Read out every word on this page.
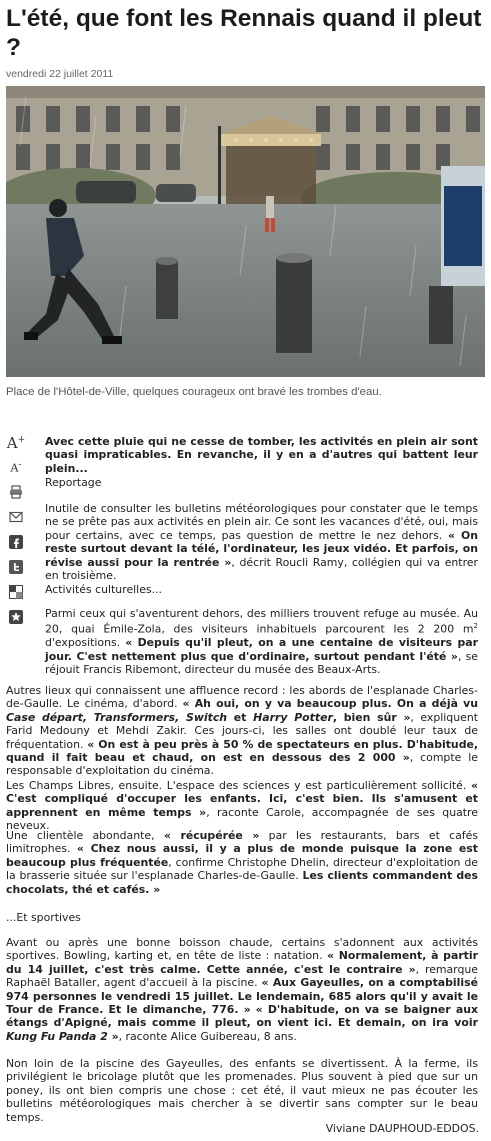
L'été, que font les Rennais quand il pleut ?
vendredi 22 juillet 2011
Place de l'Hôtel-de-Ville, quelques courageux ont bravé les trombes d'eau.
A+
A-
Avec cette pluie qui ne cesse de tomber, les activités en plein air sont quasi impraticables. En revanche, il y en a d'autres qui battent leur plein...
Reportage
Inutile de consulter les bulletins météorologiques pour constater que le temps ne se prête pas aux activités en plein air. Ce sont les vacances d'été, oui, mais pour certains, avec ce temps, pas question de mettre le nez dehors. « On reste surtout devant la télé, l'ordinateur, les jeux vidéo. Et parfois, on révise aussi pour la rentrée », décrit Roucli Ramy, collégien qui va entrer en troisième.
Activités culturelles...
Parmi ceux qui s'aventurent dehors, des milliers trouvent refuge au musée. Au 20, quai Émile-Zola, des visiteurs inhabituels parcourent les 2 200 $m^2$ d'expositions. « Depuis qu'il pleut, on a une centaine de visiteurs par jour. C'est nettement plus que d'ordinaire, surtout pendant l'été », se réjouit Francis Ribemont, directeur du musée des Beaux-Arts.
Autres lieux qui connaissent une affluence record : les abords de l'esplanade Charles-de-Gaulle. Le cinéma, d'abord. « Ah oui, on y va beaucoup plus. On a déjà vu Case départ, Transformers, Switch et Harry Potter, bien sûr », expliquent Farid Medouny et Mehdi Zakir. Ces jours-ci, les salles ont doublé leur taux de fréquentation. « On est à peu près à 50 % de spectateurs en plus. D'habitude, quand il fait beau et chaud, on est en dessous des 2 000 », compte le responsable d'exploitation du cinéma.
Les Champs Libres, ensuite. L'espace des sciences y est particulièrement sollicité. « C'est compliqué d'occuper les enfants. Ici, c'est bien. Ils s'amusent et apprennent en même temps », raconte Carole, accompagnée de ses quatre neveux.
Une clientèle abondante, « récupérée » par les restaurants, bars et cafés limitrophes. « Chez nous aussi, il y a plus de monde puisque la zone est beaucoup plus fréquentée, confirme Christophe Dhelin, directeur d'exploitation de la brasserie située sur l'esplanade Charles-de-Gaulle. Les clients commandent des chocolats, thé et cafés. »
...Et sportives
Avant ou après une bonne boisson chaude, certains s'adonnent aux activités sportives. Bowling, karting et, en tête de liste : natation. « Normalement, à partir du 14 juillet, c'est très calme. Cette année, c'est le contraire », remarque Raphaël Bataller, agent d'accueil à la piscine. « Aux Gayeulles, on a comptabilisé 974 personnes le vendredi 15 juillet. Le lendemain, 685 alors qu'il y avait le Tour de France. Et le dimanche, 776. » « D'habitude, on va se baigner aux étangs d'Apigné, mais comme il pleut, on vient ici. Et demain, on ira voir Kung Fu Panda 2 », raconte Alice Guibereau, 8 ans.
Non loin de la piscine des Gayeulles, des enfants se divertissent. À la ferme, ils privilégient le bricolage plutôt que les promenades. Plus souvent à pied que sur un poney, ils ont bien compris une chose : cet été, il vaut mieux ne pas écouter les bulletins météorologiques mais chercher à se divertir sans compter sur le beau temps.
Viviane DAUPHOUD-EDDOS.
